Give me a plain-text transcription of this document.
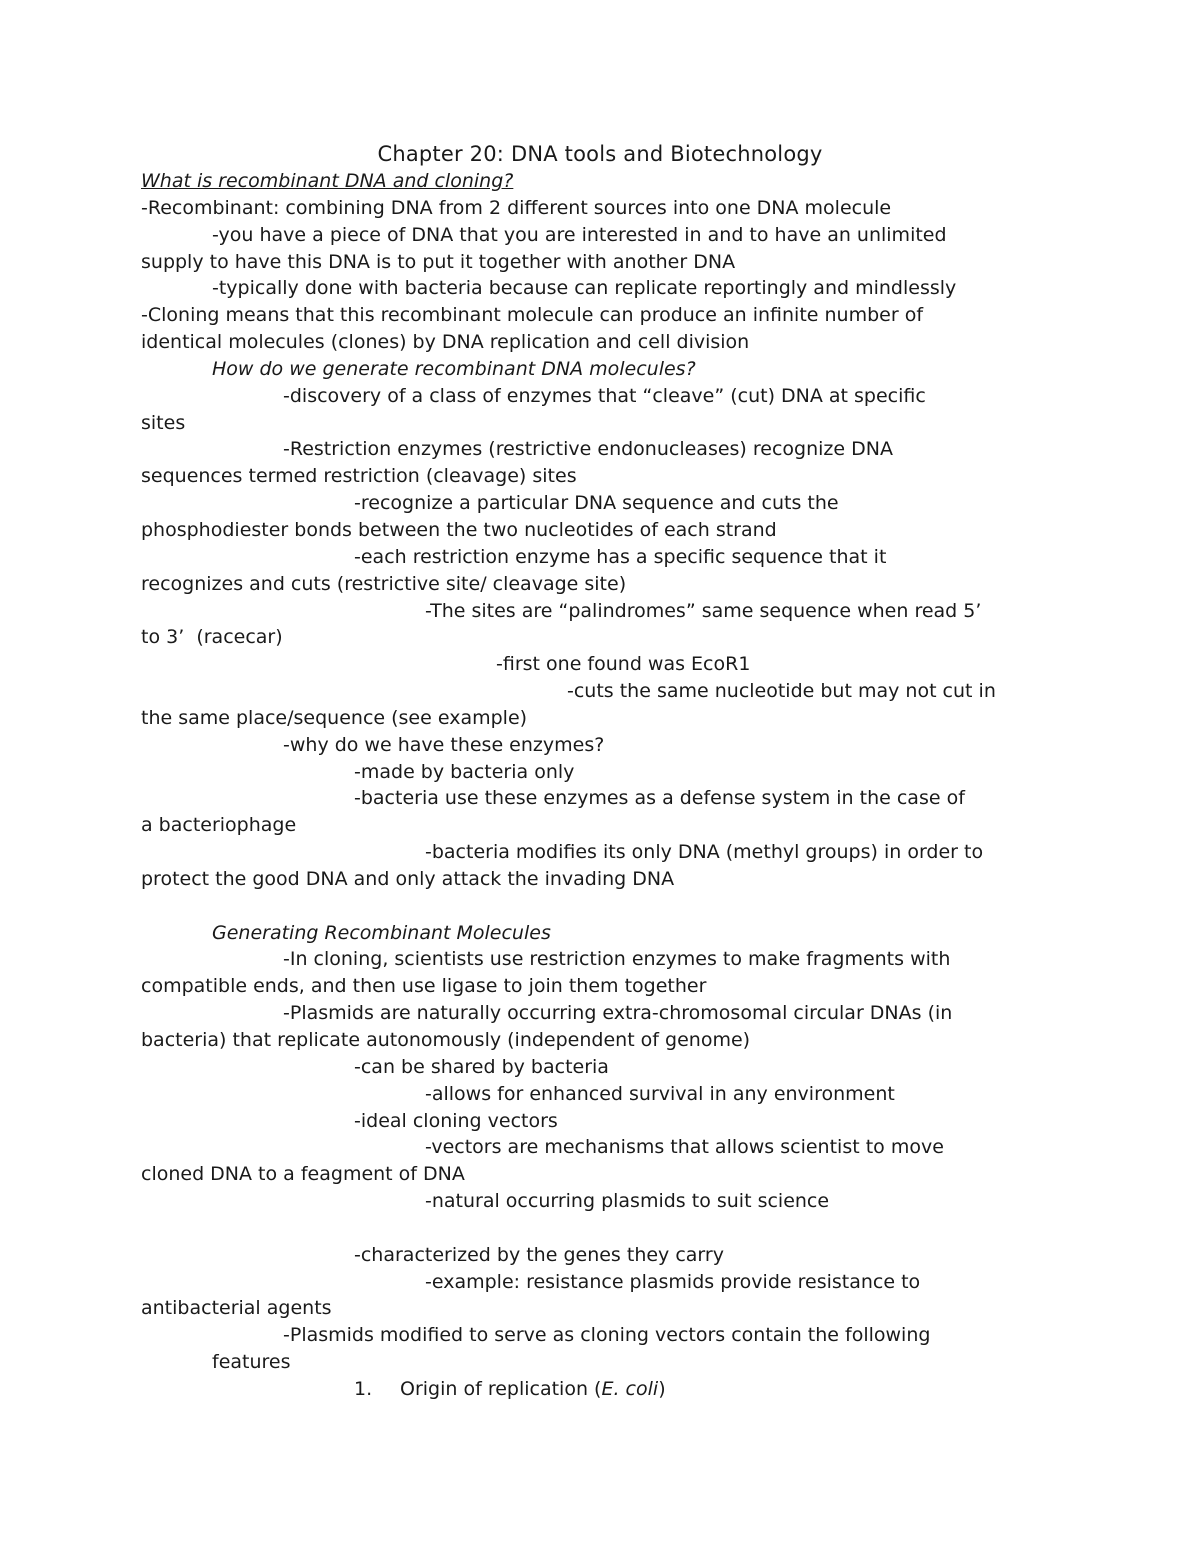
Chapter 20: DNA tools and Biotechnology
What is recombinant DNA and cloning?
-Recombinant: combining DNA from 2 different sources into one DNA molecule
-you have a piece of DNA that you are interested in and to have an unlimited
supply to have this DNA is to put it together with another DNA
-typically done with bacteria because can replicate reportingly and mindlessly
-Cloning means that this recombinant molecule can produce an infinite number of
identical molecules (clones) by DNA replication and cell division
How do we generate recombinant DNA molecules?
-discovery of a class of enzymes that “cleave” (cut) DNA at specific
sites
-Restriction enzymes (restrictive endonucleases) recognize DNA
sequences termed restriction (cleavage) sites
-recognize a particular DNA sequence and cuts the
phosphodiester bonds between the two nucleotides of each strand
-each restriction enzyme has a specific sequence that it
recognizes and cuts (restrictive site/ cleavage site)
-The sites are “palindromes” same sequence when read 5’
to 3’  (racecar)
-first one found was EcoR1
-cuts the same nucleotide but may not cut in
the same place/sequence (see example)
-why do we have these enzymes?
-made by bacteria only
-bacteria use these enzymes as a defense system in the case of
a bacteriophage
-bacteria modifies its only DNA (methyl groups) in order to
protect the good DNA and only attack the invading DNA
Generating Recombinant Molecules
-In cloning, scientists use restriction enzymes to make fragments with
compatible ends, and then use ligase to join them together
-Plasmids are naturally occurring extra-chromosomal circular DNAs (in
bacteria) that replicate autonomously (independent of genome)
-can be shared by bacteria
-allows for enhanced survival in any environment
-ideal cloning vectors
-vectors are mechanisms that allows scientist to move
cloned DNA to a feagment of DNA
-natural occurring plasmids to suit science
-characterized by the genes they carry
-example: resistance plasmids provide resistance to
antibacterial agents
-Plasmids modified to serve as cloning vectors contain the following
features
1. Origin of replication (E. coli)
